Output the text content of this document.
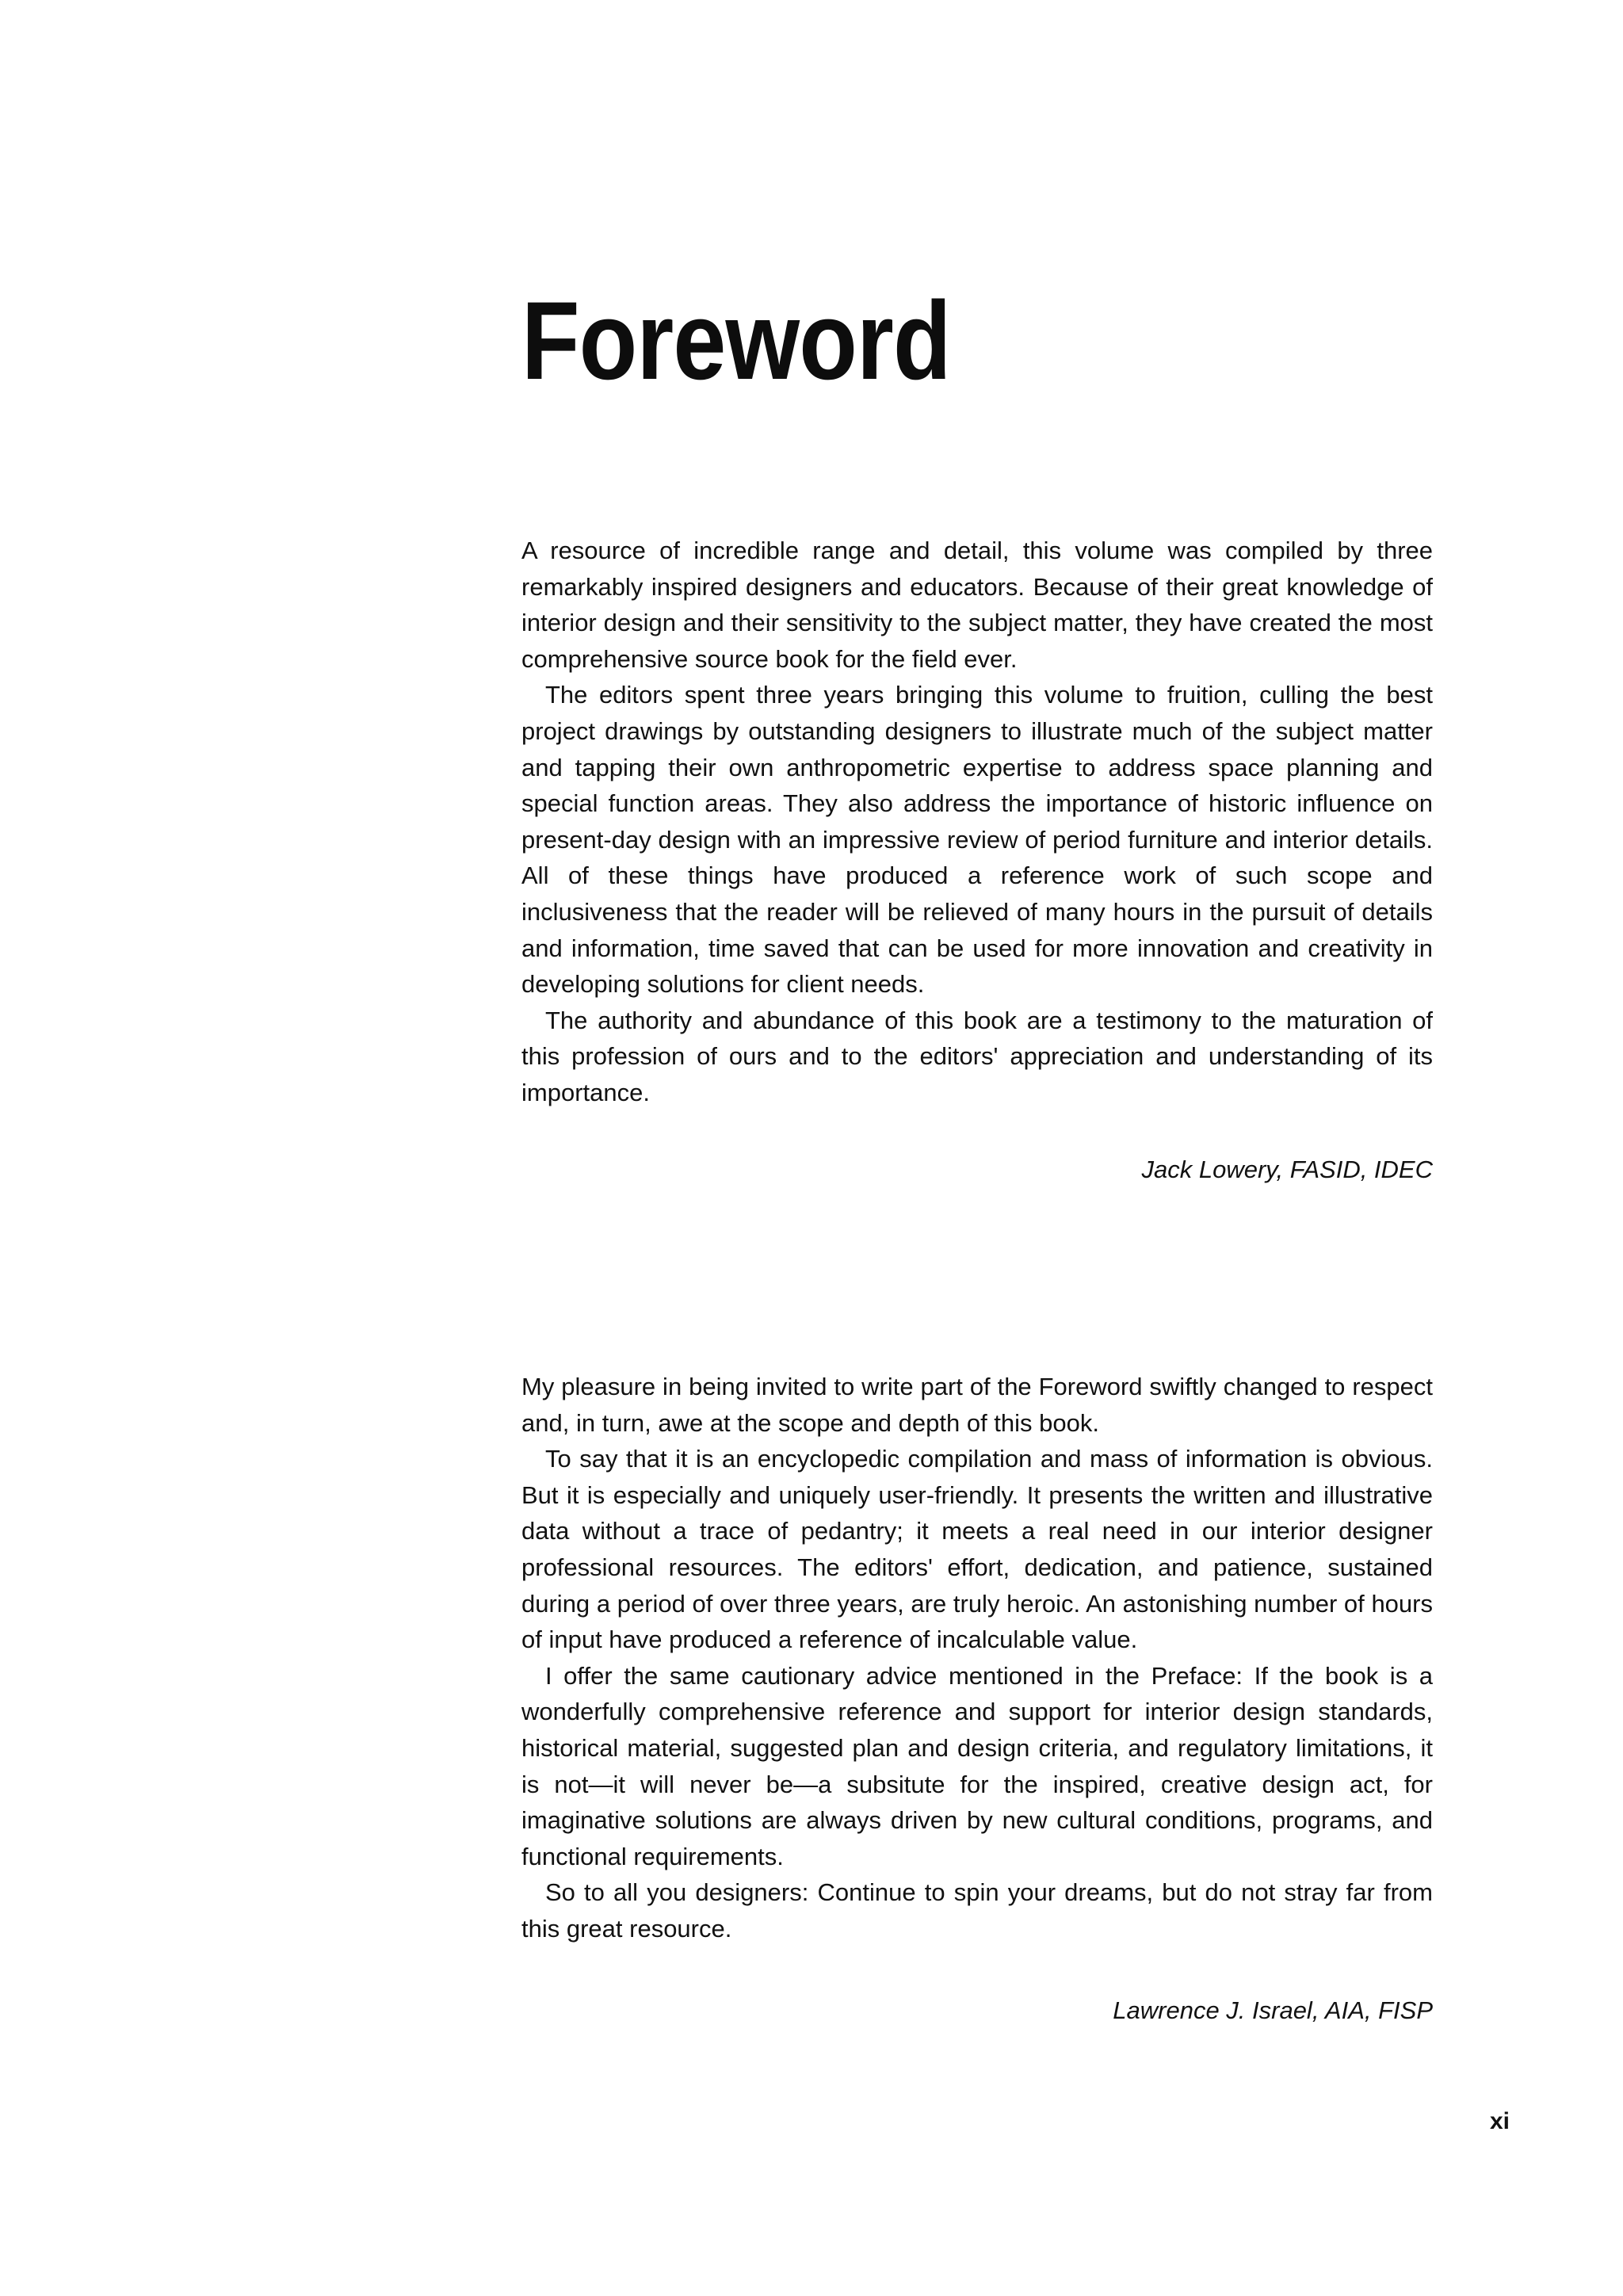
Foreword

A resource of incredible range and detail, this volume was compiled by three remarkably inspired designers and educators. Because of their great knowledge of interior design and their sensitivity to the subject matter, they have created the most comprehensive source book for the field ever.

The editors spent three years bringing this volume to fruition, culling the best project drawings by outstanding designers to illustrate much of the subject matter and tapping their own anthropometric expertise to address space planning and special function areas. They also address the importance of historic influence on present-day design with an impressive review of period furniture and interior details. All of these things have produced a reference work of such scope and inclusiveness that the reader will be relieved of many hours in the pursuit of details and information, time saved that can be used for more innovation and creativity in developing solutions for client needs.

The authority and abundance of this book are a testimony to the maturation of this profession of ours and to the editors' appreciation and understanding of its importance.

Jack Lowery, FASID, IDEC

My pleasure in being invited to write part of the Foreword swiftly changed to respect and, in turn, awe at the scope and depth of this book.

To say that it is an encyclopedic compilation and mass of information is obvious. But it is especially and uniquely user-friendly. It presents the written and illustrative data without a trace of pedantry; it meets a real need in our interior designer professional resources. The editors' effort, dedication, and patience, sustained during a period of over three years, are truly heroic. An astonishing number of hours of input have produced a reference of incalculable value.

I offer the same cautionary advice mentioned in the Preface: If the book is a wonderfully comprehensive reference and support for interior design standards, historical material, suggested plan and design criteria, and regulatory limitations, it is not—it will never be—a subsitute for the inspired, creative design act, for imaginative solutions are always driven by new cultural conditions, programs, and functional requirements.

So to all you designers: Continue to spin your dreams, but do not stray far from this great resource.

Lawrence J. Israel, AIA, FISP

xi
